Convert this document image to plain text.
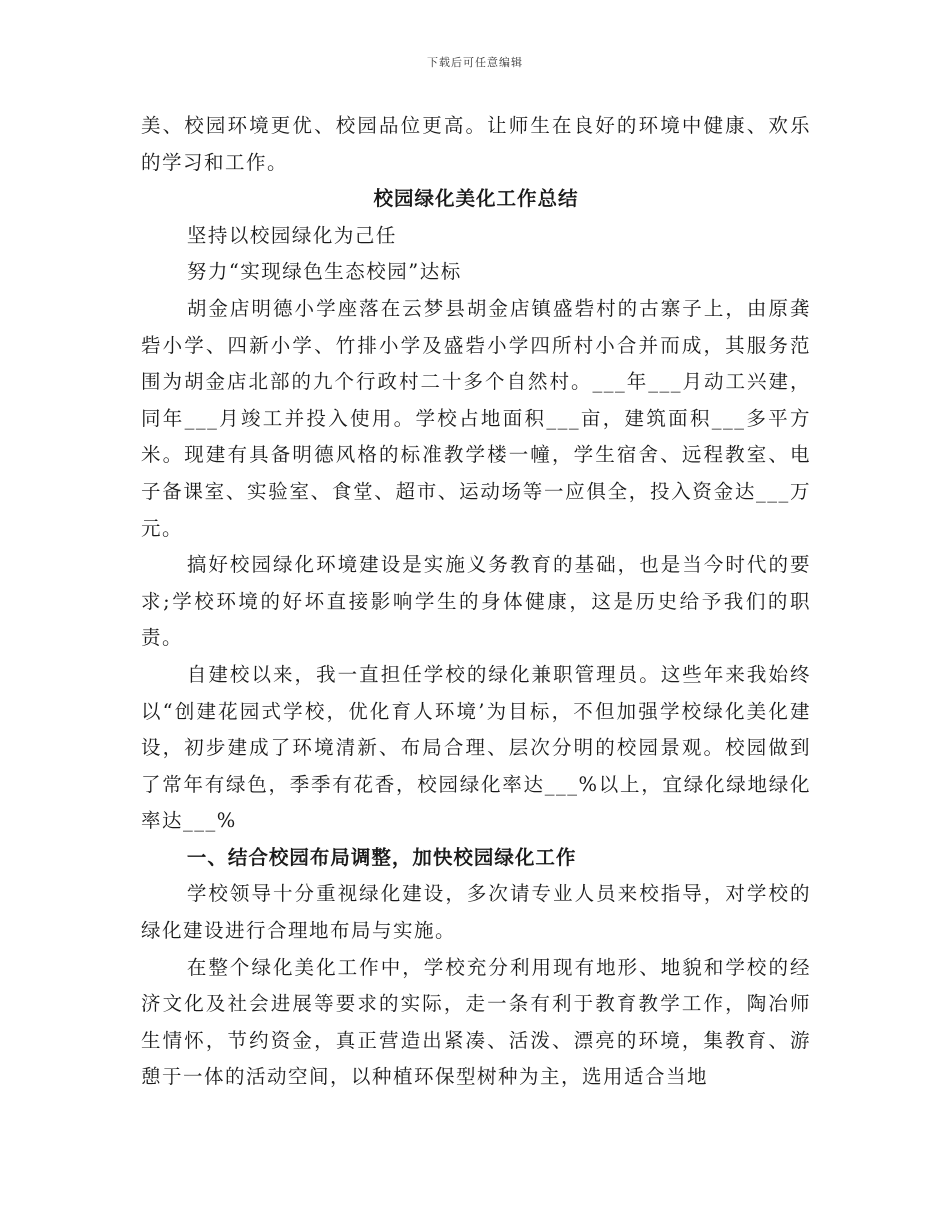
下载后可任意编辑

美、校园环境更优、校园品位更高。让师生在良好的环境中健康、欢乐的学习和工作。

校园绿化美化工作总结

坚持以校园绿化为己任

努力“实现绿色生态校园”达标

胡金店明德小学座落在云梦县胡金店镇盛砦村的古寨子上，由原龚砦小学、四新小学、竹排小学及盛砦小学四所村小合并而成，其服务范围为胡金店北部的九个行政村二十多个自然村。___年___月动工兴建，同年___月竣工并投入使用。学校占地面积___亩，建筑面积___多平方米。现建有具备明德风格的标准教学楼一幢，学生宿舍、远程教室、电子备课室、实验室、食堂、超市、运动场等一应俱全，投入资金达___万元。

搞好校园绿化环境建设是实施义务教育的基础，也是当今时代的要求;学校环境的好坏直接影响学生的身体健康，这是历史给予我们的职责。

自建校以来，我一直担任学校的绿化兼职管理员。这些年来我始终以“创建花园式学校，优化育人环境’为目标，不但加强学校绿化美化建设，初步建成了环境清新、布局合理、层次分明的校园景观。校园做到了常年有绿色，季季有花香，校园绿化率达___%以上，宜绿化绿地绿化率达___%

一、结合校园布局调整，加快校园绿化工作

学校领导十分重视绿化建设，多次请专业人员来校指导，对学校的绿化建设进行合理地布局与实施。

在整个绿化美化工作中，学校充分利用现有地形、地貌和学校的经济文化及社会进展等要求的实际，走一条有利于教育教学工作，陶冶师生情怀，节约资金，真正营造出紧凑、活泼、漂亮的环境，集教育、游憩于一体的活动空间，以种植环保型树种为主，选用适合当地
